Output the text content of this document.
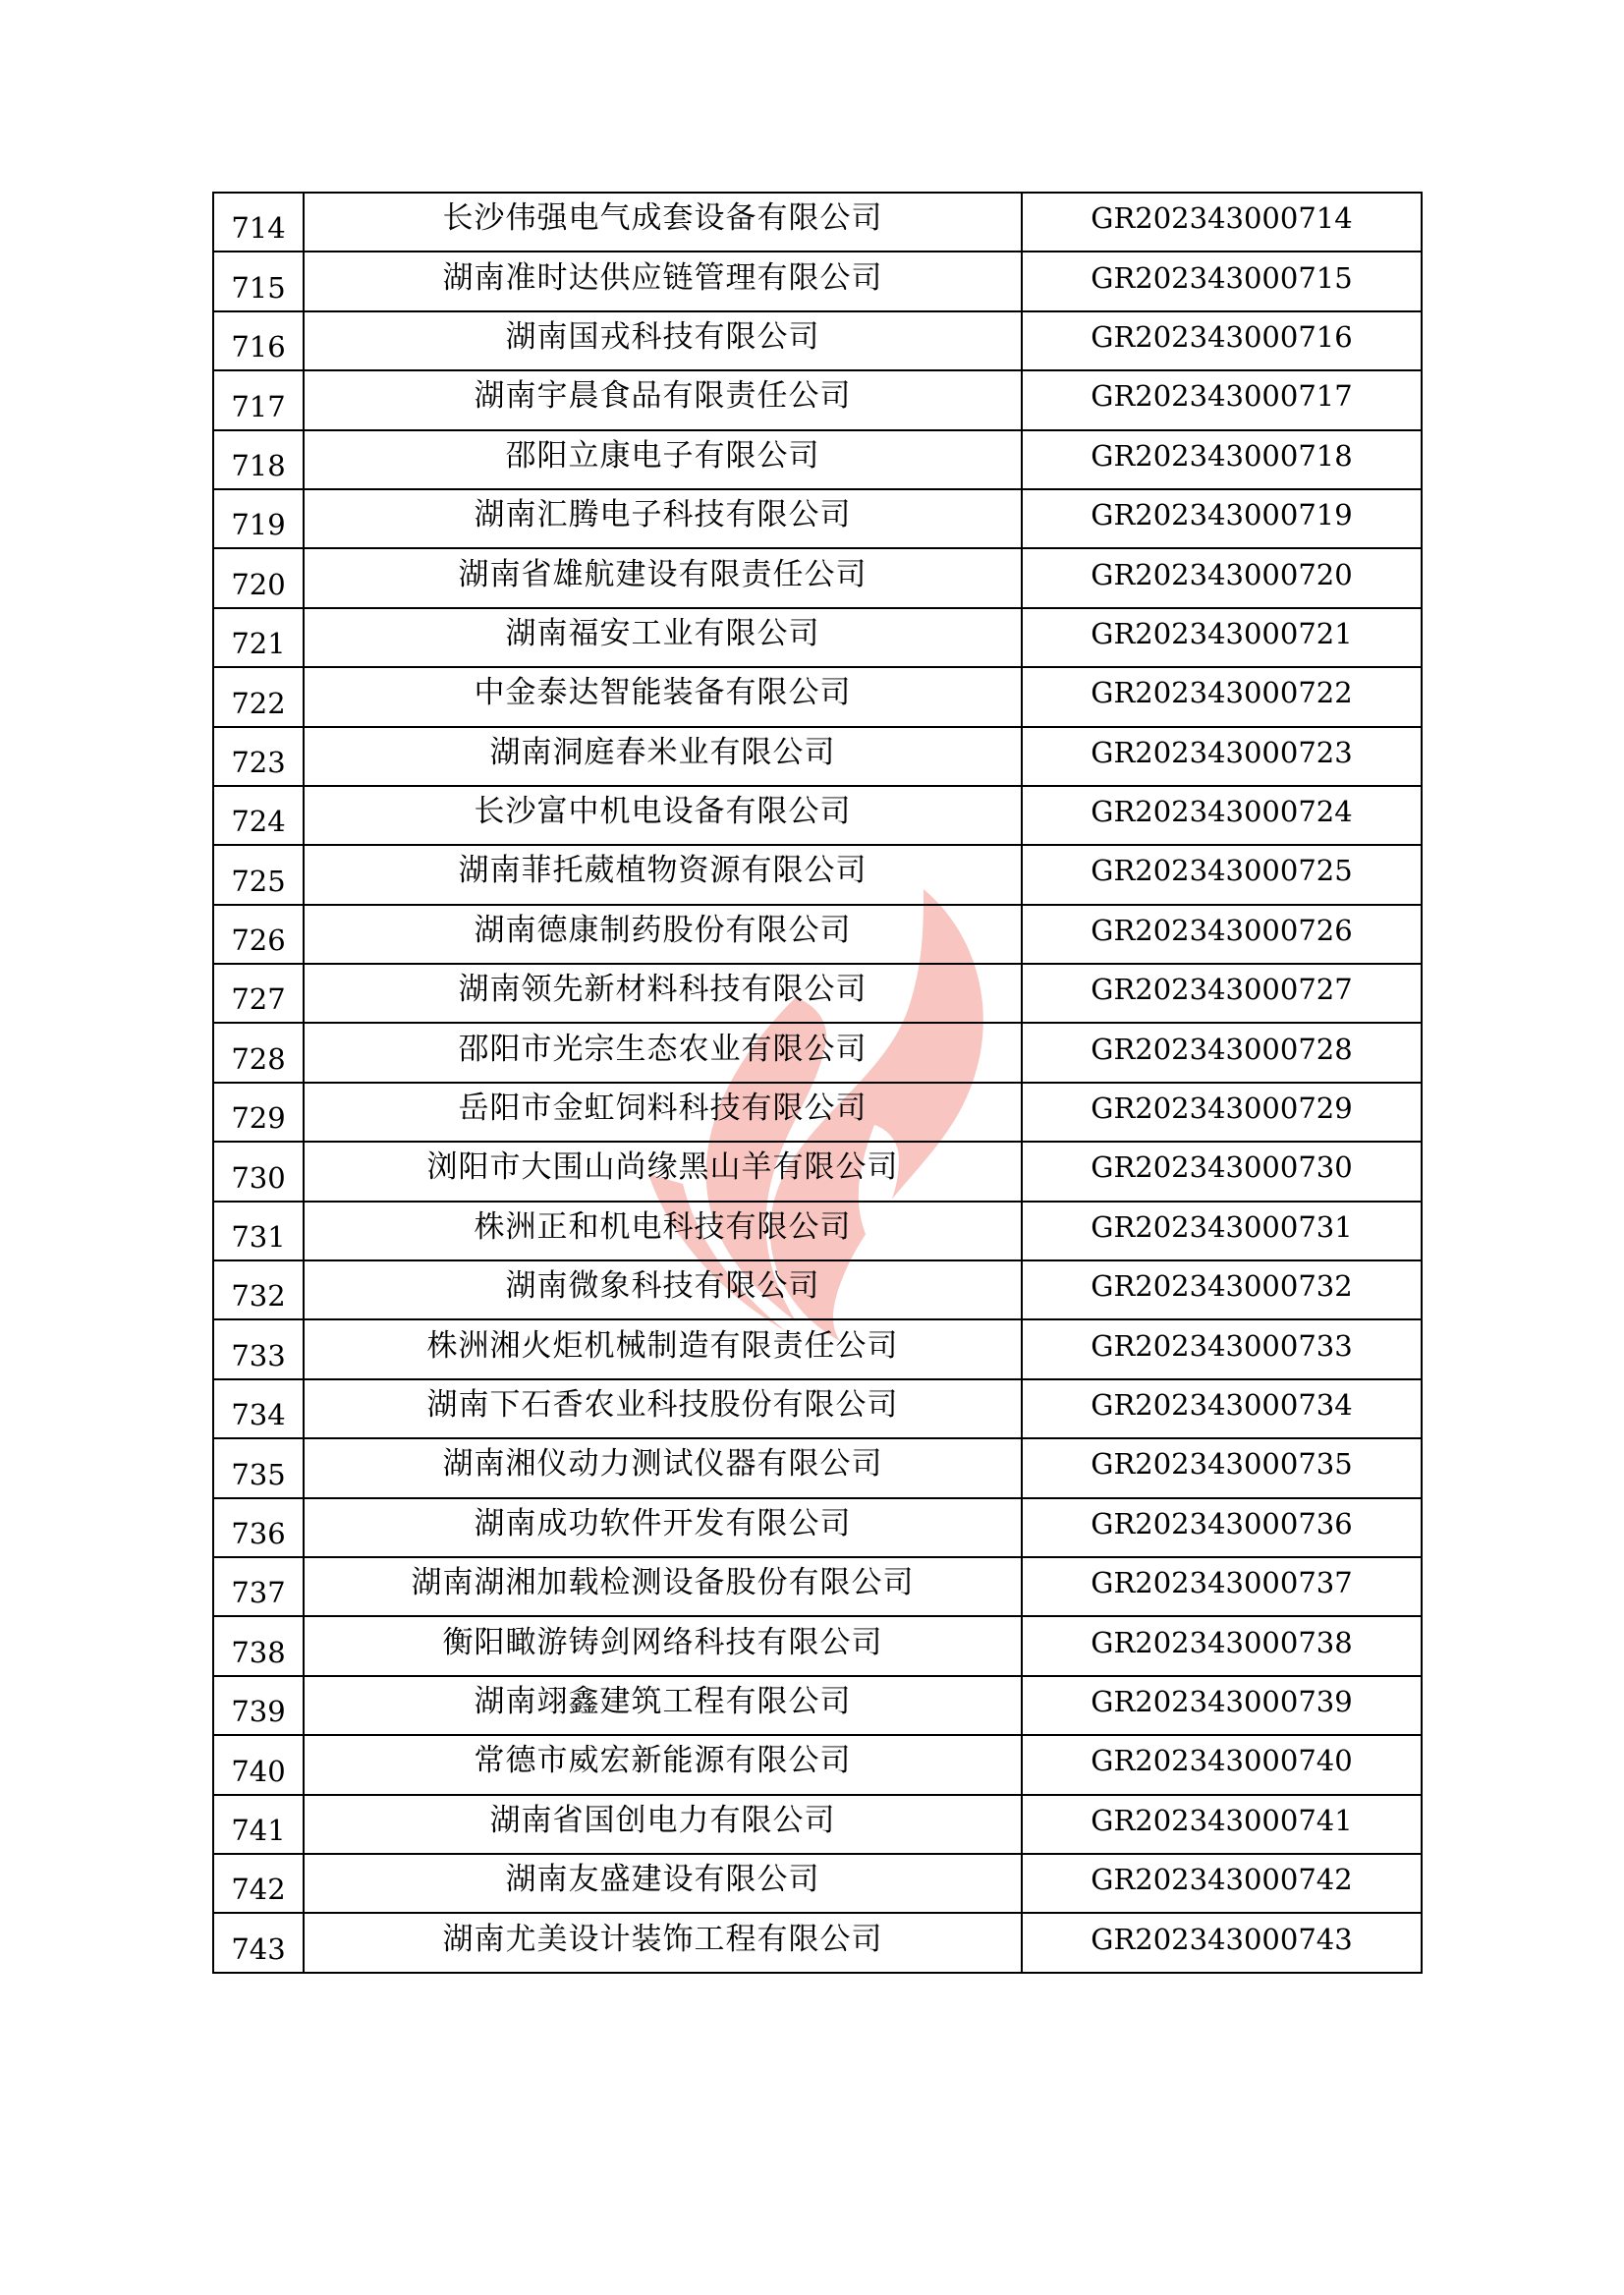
714	长沙伟强电气成套设备有限公司	GR202343000714
715	湖南准时达供应链管理有限公司	GR202343000715
716	湖南国戎科技有限公司	GR202343000716
717	湖南宇晨食品有限责任公司	GR202343000717
718	邵阳立康电子有限公司	GR202343000718
719	湖南汇腾电子科技有限公司	GR202343000719
720	湖南省雄航建设有限责任公司	GR202343000720
721	湖南福安工业有限公司	GR202343000721
722	中金泰达智能装备有限公司	GR202343000722
723	湖南洞庭春米业有限公司	GR202343000723
724	长沙富中机电设备有限公司	GR202343000724
725	湖南菲托葳植物资源有限公司	GR202343000725
726	湖南德康制药股份有限公司	GR202343000726
727	湖南领先新材料科技有限公司	GR202343000727
728	邵阳市光宗生态农业有限公司	GR202343000728
729	岳阳市金虹饲料科技有限公司	GR202343000729
730	浏阳市大围山尚缘黑山羊有限公司	GR202343000730
731	株洲正和机电科技有限公司	GR202343000731
732	湖南微象科技有限公司	GR202343000732
733	株洲湘火炬机械制造有限责任公司	GR202343000733
734	湖南下石香农业科技股份有限公司	GR202343000734
735	湖南湘仪动力测试仪器有限公司	GR202343000735
736	湖南成功软件开发有限公司	GR202343000736
737	湖南湖湘加载检测设备股份有限公司	GR202343000737
738	衡阳瞰游铸剑网络科技有限公司	GR202343000738
739	湖南翊鑫建筑工程有限公司	GR202343000739
740	常德市威宏新能源有限公司	GR202343000740
741	湖南省国创电力有限公司	GR202343000741
742	湖南友盛建设有限公司	GR202343000742
743	湖南尤美设计装饰工程有限公司	GR202343000743
